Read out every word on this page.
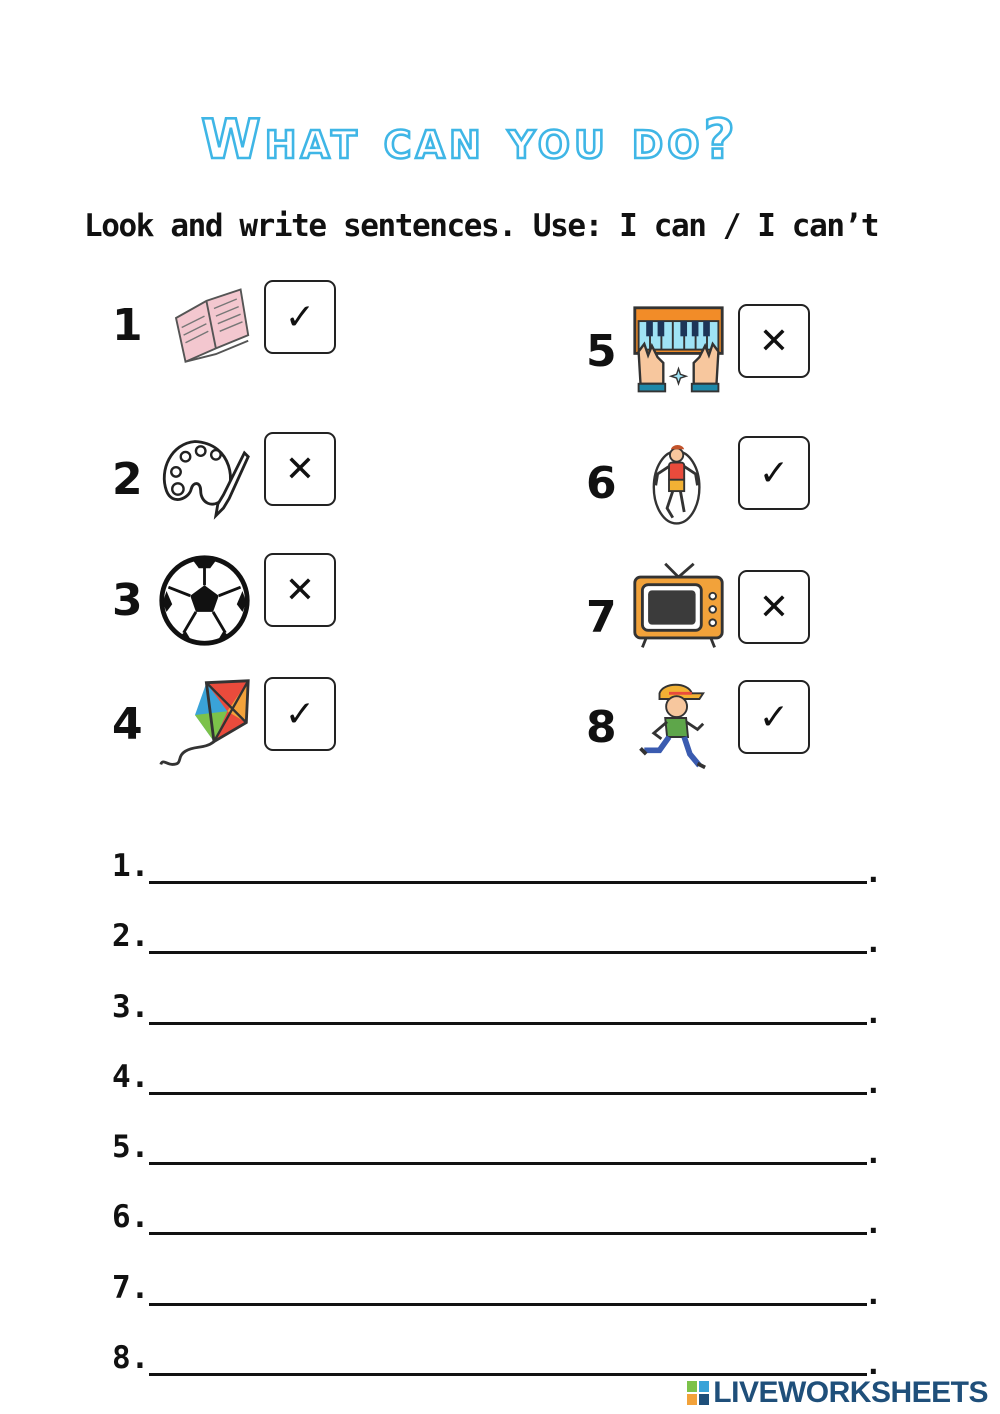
What can you do?
Look and write sentences. Use: I can / I can’t
1	✓
2	✕
3	✕
4	✓
5	✕
6	✓
7	✕
8	✓
1.	.
2.	.
3.	.
4.	.
5.	.
6.	.
7.	.
8.	.
LIVEWORKSHEETS
